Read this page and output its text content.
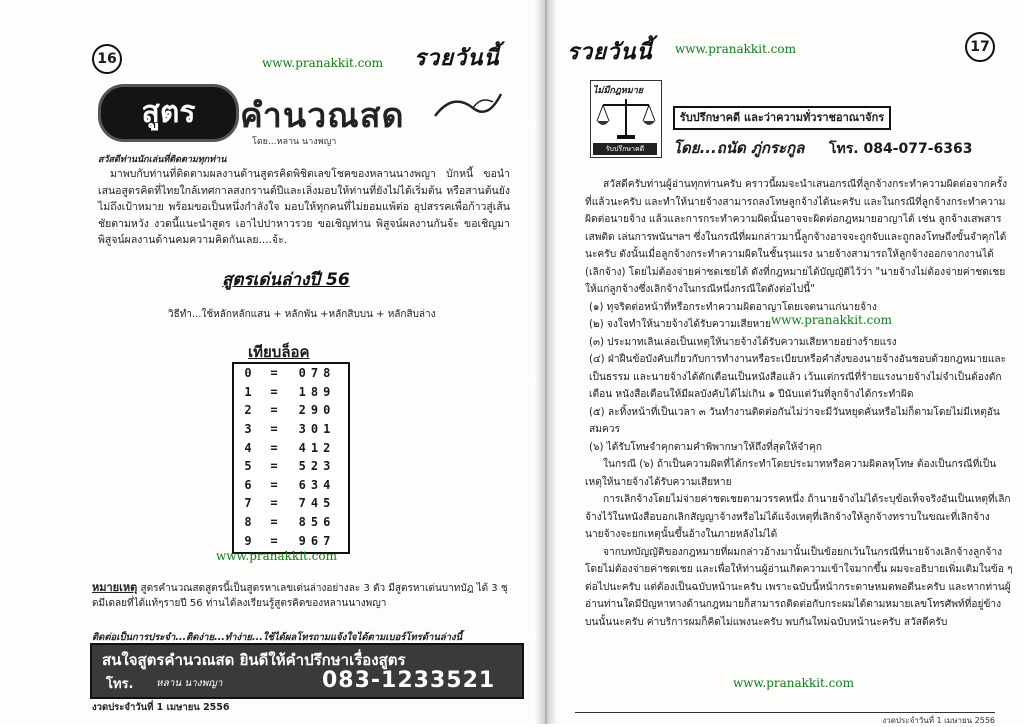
16	www.pranakkit.com รวยวันนี้
สูตร	คำนวณสด
โดย...หลาน นางพญา
สวัสดีท่านนักเล่นที่ติดตามทุกท่าน
มาพบกับท่านที่ติดตามผลงานด้านสูตรคิดพิชิตเลขโชคของหลานนางพญา บักหนี้ ขอนำเสนอสูตรคิดที่ไทยใกล้เทศกาลสงกรานต์ปีและเลิ่งมอบให้ท่านที่ยังไม่ได้เริ่มต้น หรือสานต้นยังไม่ถึงเป้าหมาย พร้อมขอเป็นหนึ่งกำลังใจ มอบให้ทุกคนที่ไม่ยอมแพ้ต่อ อุปสรรคเพื่อก้าวสู่เส้นชัยตามหวัง งวดนี้แนะนำสูตร เอาไปปาหาวรวย ขอเชิญท่าน พิสูจน์ผลงานกันจ้ะ ขอเชิญมาพิสูจน์ผลงานด้านคมความคิดกันเลย....จ้ะ.
สูตรเด่นล่างปี 56
วิธีทำ...ใช้หลักหลักแสน + หลักพัน +หลักสิบบน + หลักสิบล่าง
เทียบล็อค
0	=	078
1	=	189
2	=	290
3	=	301
4	=	412
5	=	523
6	=	634
7	=	745
8	=	856
9	=	967
www.pranakkit.com
หมายเหตุ สูตรคำนวณสดสูตรนี้เป็นสูตรหาเลขเด่นล่างอย่างละ 3 ตัว มีสูตรหาเด่นบาทบัฎ ได้ 3 ชุดมีเดลยที่ได้แท้ๆรายปี 56 ท่านได้ลงเรียนรู้สูตรคิดของหลานนางพญา
ติดต่อเป็นการประจำ...ติดง่าย...ทำง่าย...ใช้ได้ผลโทรถามแจ้งใจได้ตามเบอร์โทรด้านล่างนี้
สนใจสูตรคำนวณสด ยินดีให้คำปรึกษาเรื่องสูตร
โทร. หลาน นางพญา	083-1233521
งวดประจำวันที่ 1 เมษายน 2556
รวยวันนี้ www.pranakkit.com	17
ไม่มีกฎหมาย
รับปรึกษาคดี
รับปรึกษาคดี และว่าความทั่วราชอาณาจักร
โดย...ถนัด ภู่กระกูล โทร. 084-077-6363

สวัสดีครับท่านผู้อ่านทุกท่านครับ คราวนี้ผมจะนำเสนอกรณีที่ลูกจ้างกระทำความผิดต่อจากครั้งที่แล้วนะครับ และทำให้นายจ้างสามารถลงโทษลูกจ้างได้นะครับ และในกรณีที่ลูกจ้างกระทำความผิดต่อนายจ้าง แล้วและการกระทำความผิดนั้นอาจจะผิดต่อกฎหมายอาญาได้ เช่น ลูกจ้างเสพสารเสพติด เล่นการพนันฯลฯ ซึ่งในกรณีที่ผมกล่าวมานี้ลูกจ้างอาจจะถูกจับและถูกลงโทษถึงขั้นจำคุกได้นะครับ ดังนั้นเมื่อลูกจ้างกระทำความผิดในชั้นรุนแรง นายจ้างสามารถให้ลูกจ้างออกจากงานได้ (เลิกจ้าง) โดยไม่ต้องจ่ายค่าชดเชยได้ ดังที่กฎหมายได้บัญญัติไว้ว่า "นายจ้างไม่ต้องจ่ายค่าชดเชยให้แก่ลูกจ้างซึ่งเลิกจ้างในกรณีหนึ่งกรณีใดดังต่อไปนี้"

(๑) ทุจริตต่อหน้าที่หรือกระทำความผิดอาญาโดยเจตนาแก่นายจ้าง

(๒) จงใจทำให้นายจ้างได้รับความเสียหาย

(๓) ประมาทเลินเล่อเป็นเหตุให้นายจ้างได้รับความเสียหายอย่างร้ายแรง

(๔) ฝ่าฝืนข้อบังคับเกี่ยวกับการทำงานหรือระเบียบหรือคำสั่งของนายจ้างอันชอบด้วยกฎหมายและเป็นธรรม และนายจ้างได้ตักเตือนเป็นหนังสือแล้ว เว้นแต่กรณีที่ร้ายแรงนายจ้างไม่จำเป็นต้องตักเตือน หนังสือเตือนให้มีผลบังคับได้ไม่เกิน ๑ ปีนับแต่วันที่ลูกจ้างได้กระทำผิด

(๕) ละทิ้งหน้าที่เป็นเวลา ๓ วันทำงานติดต่อกันไม่ว่าจะมีวันหยุดคั่นหรือไม่ก็ตามโดยไม่มีเหตุอันสมควร

(๖) ได้รับโทษจำคุกตามคำพิพากษาให้ถึงที่สุดให้จำคุก

ในกรณี (๖) ถ้าเป็นความผิดที่ได้กระทำโดยประมาทหรือความผิดลหุโทษ ต้องเป็นกรณีที่เป็นเหตุให้นายจ้างได้รับความเสียหาย

การเลิกจ้างโดยไม่จ่ายค่าชดเชยตามวรรคหนึ่ง ถ้านายจ้างไม่ได้ระบุข้อเท็จจริงอันเป็นเหตุที่เลิกจ้างไว้ในหนังสือบอกเลิกสัญญาจ้างหรือไม่ได้แจ้งเหตุที่เลิกจ้างให้ลูกจ้างทราบในขณะที่เลิกจ้าง นายจ้างจะยกเหตุนั้นขึ้นอ้างในภายหลังไม่ได้

จากบทบัญญัติของกฎหมายที่ผมกล่าวอ้างมานั้นเป็นข้อยกเว้นในกรณีที่นายจ้างเลิกจ้างลูกจ้างโดยไม่ต้องจ่ายค่าชดเชย และเพื่อให้ท่านผู้อ่านเกิดความเข้าใจมากขึ้น ผมจะอธิบายเพิ่มเติมในข้อ ๆ ต่อไปนะครับ แต่ต้องเป็นฉบับหน้านะครับ เพราะฉบับนี้หน้ากระดาษหมดพอดีนะครับ และหากท่านผู้อ่านท่านใดมีปัญหาทางด้านกฎหมายก็สามารถติดต่อกับกระผมได้ตามหมายเลขโทรศัพท์ที่อยู่ข้างบนนั้นนะครับ ค่าบริการผมก็คิดไม่แพงนะครับ พบกันใหม่ฉบับหน้านะครับ สวัสดีครับ

www.pranakkit.com
www.pranakkit.com
งวดประจำวันที่ 1 เมษายน 2556
